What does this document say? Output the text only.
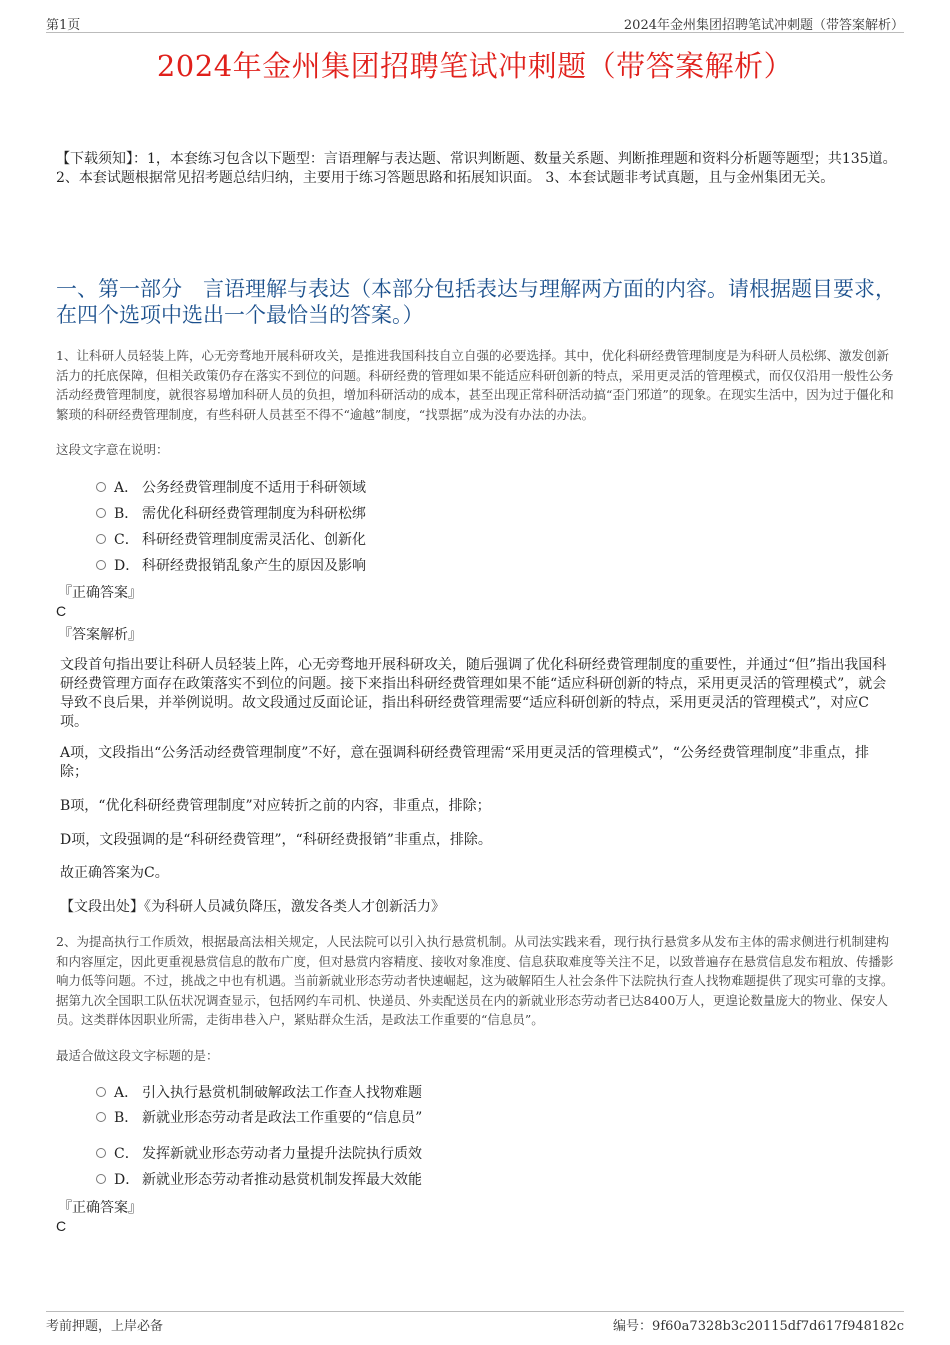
第1页	2024年金州集团招聘笔试冲刺题（带答案解析）
2024年金州集团招聘笔试冲刺题（带答案解析）
【下载须知】：1，本套练习包含以下题型：言语理解与表达题、常识判断题、数量关系题、判断推理题和资料分析题等题型；共135道。 2、本套试题根据常见招考题总结归纳，主要用于练习答题思路和拓展知识面。 3、本套试题非考试真题，且与金州集团无关。
一、第一部分　言语理解与表达（本部分包括表达与理解两方面的内容。请根据题目要求，在四个选项中选出一个最恰当的答案。）
1、让科研人员轻装上阵，心无旁骛地开展科研攻关，是推进我国科技自立自强的必要选择。其中，优化科研经费管理制度是为科研人员松绑、激发创新活力的托底保障，但相关政策仍存在落实不到位的问题。科研经费的管理如果不能适应科研创新的特点，采用更灵活的管理模式，而仅仅沿用一般性公务活动经费管理制度，就很容易增加科研人员的负担，增加科研活动的成本，甚至出现正常科研活动搞“歪门邪道”的现象。在现实生活中，因为过于僵化和繁琐的科研经费管理制度，有些科研人员甚至不得不“逾越”制度，“找票据”成为没有办法的办法。
这段文字意在说明：
A． 公务经费管理制度不适用于科研领域
B． 需优化科研经费管理制度为科研松绑
C． 科研经费管理制度需灵活化、创新化
D． 科研经费报销乱象产生的原因及影响
『正确答案』
C
『答案解析』
文段首句指出要让科研人员轻装上阵，心无旁骛地开展科研攻关，随后强调了优化科研经费管理制度的重要性，并通过“但”指出我国科研经费管理方面存在政策落实不到位的问题。接下来指出科研经费管理如果不能“适应科研创新的特点，采用更灵活的管理模式”，就会导致不良后果，并举例说明。故文段通过反面论证，指出科研经费管理需要“适应科研创新的特点，采用更灵活的管理模式”，对应C项。
A项，文段指出“公务活动经费管理制度”不好，意在强调科研经费管理需“采用更灵活的管理模式”，“公务经费管理制度”非重点，排除；
B项，“优化科研经费管理制度”对应转折之前的内容，非重点，排除；
D项，文段强调的是“科研经费管理”，“科研经费报销”非重点，排除。
故正确答案为C。
【文段出处】《为科研人员减负降压，激发各类人才创新活力》
2、为提高执行工作质效，根据最高法相关规定，人民法院可以引入执行悬赏机制。从司法实践来看，现行执行悬赏多从发布主体的需求侧进行机制建构和内容厘定，因此更重视悬赏信息的散布广度，但对悬赏内容精度、接收对象准度、信息获取难度等关注不足，以致普遍存在悬赏信息发布粗放、传播影响力低等问题。不过，挑战之中也有机遇。当前新就业形态劳动者快速崛起，这为破解陌生人社会条件下法院执行查人找物难题提供了现实可靠的支撑。据第九次全国职工队伍状况调查显示，包括网约车司机、快递员、外卖配送员在内的新就业形态劳动者已达8400万人，更遑论数量庞大的物业、保安人员。这类群体因职业所需，走街串巷入户，紧贴群众生活，是政法工作重要的“信息员”。
最适合做这段文字标题的是：
A． 引入执行悬赏机制破解政法工作查人找物难题
B． 新就业形态劳动者是政法工作重要的“信息员”
C． 发挥新就业形态劳动者力量提升法院执行质效
D． 新就业形态劳动者推动悬赏机制发挥最大效能
『正确答案』
C
考前押题，上岸必备	编号：9f60a7328b3c20115df7d617f948182c
